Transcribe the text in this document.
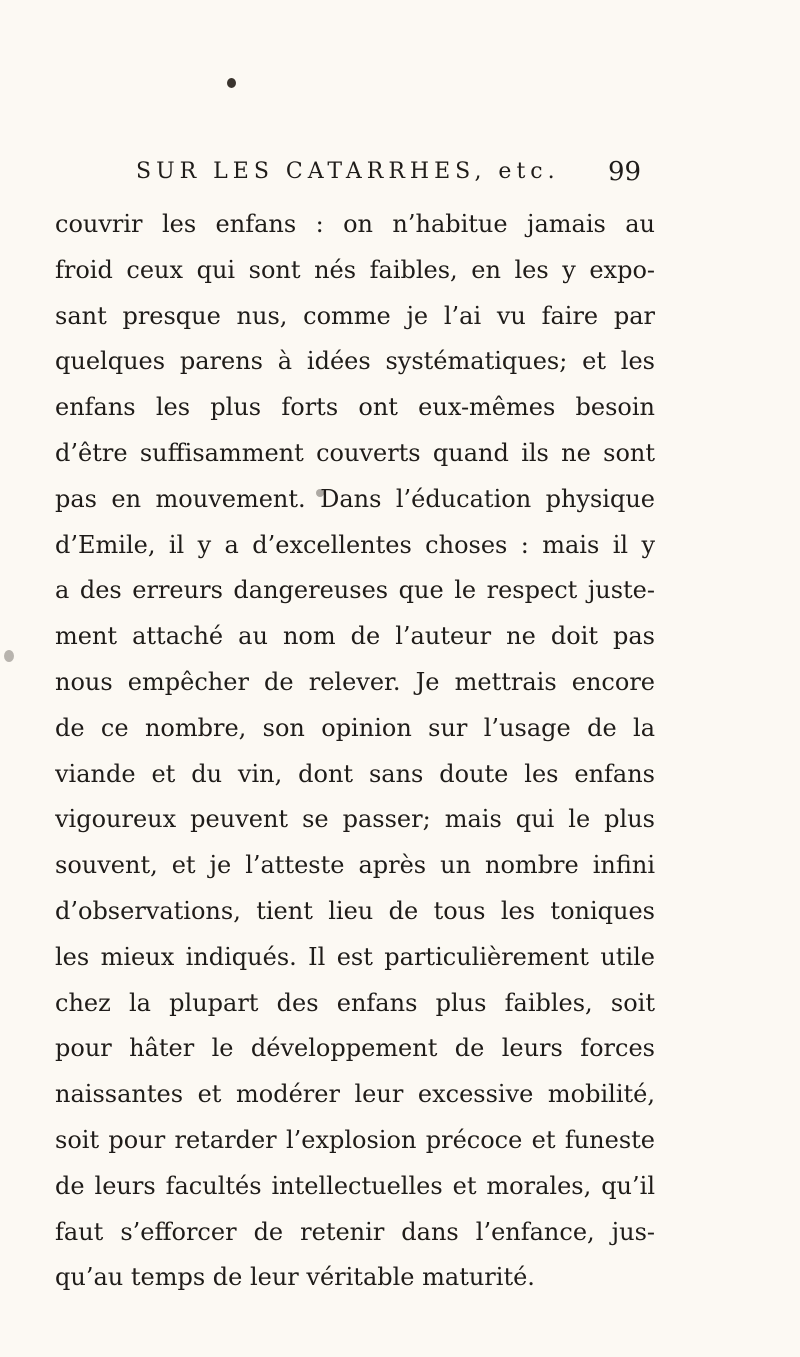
SUR LES CATARRHES, etc. 99
couvrir les enfans : on n’habitue jamais au
froid ceux qui sont nés faibles, en les y expo-
sant presque nus, comme je l’ai vu faire par
quelques parens à idées systématiques; et les
enfans les plus forts ont eux-mêmes besoin
d’être suffisamment couverts quand ils ne sont
pas en mouvement. Dans l’éducation physique
d’Emile, il y a d’excellentes choses : mais il y
a des erreurs dangereuses que le respect juste-
ment attaché au nom de l’auteur ne doit pas
nous empêcher de relever. Je mettrais encore
de ce nombre, son opinion sur l’usage de la
viande et du vin, dont sans doute les enfans
vigoureux peuvent se passer; mais qui le plus
souvent, et je l’atteste après un nombre infini
d’observations, tient lieu de tous les toniques
les mieux indiqués. Il est particulièrement utile
chez la plupart des enfans plus faibles, soit
pour hâter le développement de leurs forces
naissantes et modérer leur excessive mobilité,
soit pour retarder l’explosion précoce et funeste
de leurs facultés intellectuelles et morales, qu’il
faut s’efforcer de retenir dans l’enfance, jus-
qu’au temps de leur véritable maturité.
